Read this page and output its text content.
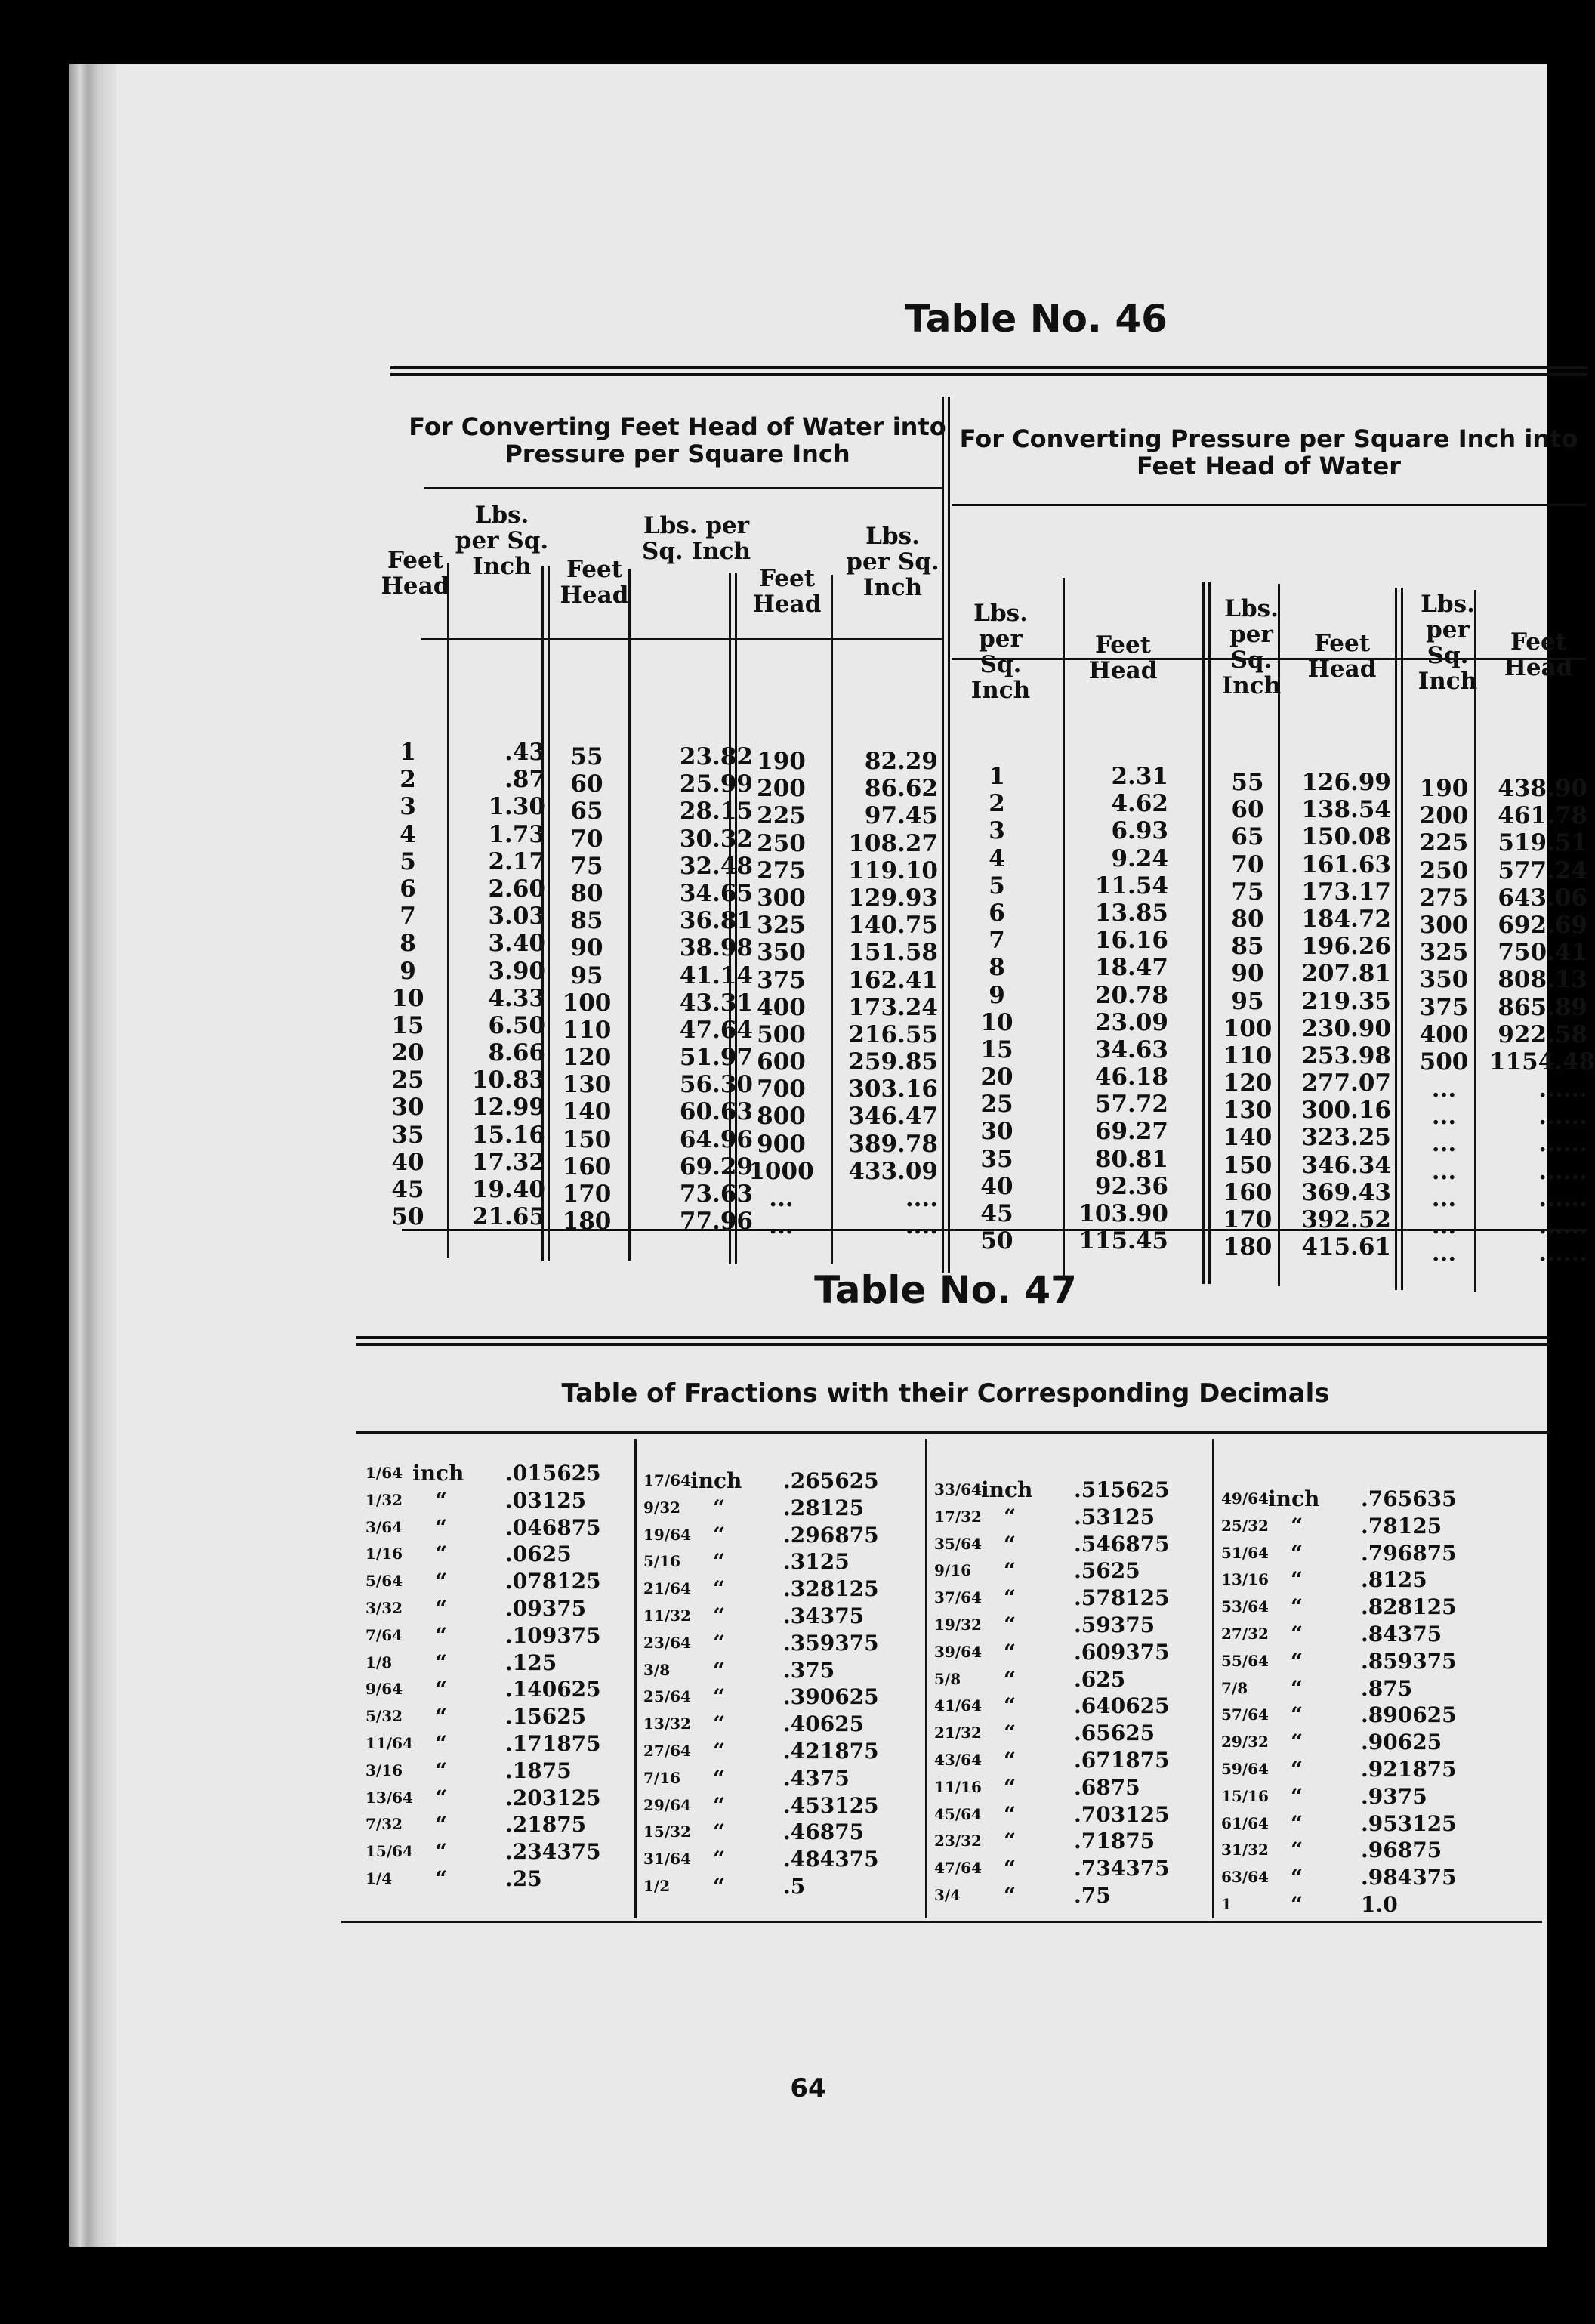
Table No. 46
For Converting Feet Head of Water into Pressure per Square Inch
For Converting Pressure per Square Inch into Feet Head of Water
Feet Head
Lbs. per Sq. Inch	Feet Head
Lbs. per Sq. Inch
Feet Head
Lbs. per Sq. Inch
Lbs. per Sq. Inch
Feet Head
Lbs. per Sq. Inch
Feet Head
Lbs. per Sq. Inch
Feet Head
1
2
3
4
5
6
7
8
9
10
15
20
25
30
35
40
45
50
.43
.87
1.30
1.73
2.17
2.60
3.03
3.40
3.90
4.33
6.50
8.66
10.83
12.99
15.16
17.32
19.40
21.65
55
60
65
70
75
80
85
90
95
100
110
120
130
140
150
160
170
180
23.82
25.99
28.15
30.32
32.48
34.65
36.81
38.98
41.14
43.31
47.64
51.97
56.30
60.63
64.96
69.29
73.63
77.96
190
200
225
250
275
300
325
350
375
400
500
600
700
800
900
1000
...
...
82.29
86.62
97.45
108.27
119.10
129.93
140.75
151.58
162.41
173.24
216.55
259.85
303.16
346.47
389.78
433.09
....
....
1
2
3
4
5
6
7
8
9
10
15
20
25
30
35
40
45
50
2.31
4.62
6.93
9.24
11.54
13.85
16.16
18.47
20.78
23.09
34.63
46.18
57.72
69.27
80.81
92.36
103.90
115.45
55
60
65
70
75
80
85
90
95
100
110
120
130
140
150
160
170
180
126.99
138.54
150.08
161.63
173.17
184.72
196.26
207.81
219.35
230.90
253.98
277.07
300.16
323.25
346.34
369.43
392.52
415.61
190
200
225
250
275
300
325
350
375
400
500
...
...
...
...
...
...
...
438.90
461.78
519.51
577.24
643.06
692.69
750.41
808.13
865.89
922.58
1154.48
......
......
......
......
......
......
......
Table No. 47
Table of Fractions with their Corresponding Decimals
1/64
1/32
3/64
1/16
5/64
3/32
7/64
1/8
9/64
5/32
11/64
3/16
13/64
7/32
15/64
1/4
inch
“
“
“
“
“
“
“
“
“
“
“
“
“
“
“
.015625
.03125
.046875
.0625
.078125
.09375
.109375
.125
.140625
.15625
.171875
.1875
.203125
.21875
.234375
.25
17/64
9/32
19/64
5/16
21/64
11/32
23/64
3/8
25/64
13/32
27/64
7/16
29/64
15/32
31/64
1/2
inch
“
“
“
“
“
“
“
“
“
“
“
“
“
“
“
.265625
.28125
.296875
.3125
.328125
.34375
.359375
.375
.390625
.40625
.421875
.4375
.453125
.46875
.484375
.5
33/64
17/32
35/64
9/16
37/64
19/32
39/64
5/8
41/64
21/32
43/64
11/16
45/64
23/32
47/64
3/4
inch
“
“
“
“
“
“
“
“
“
“
“
“
“
“
“
.515625
.53125
.546875
.5625
.578125
.59375
.609375
.625
.640625
.65625
.671875
.6875
.703125
.71875
.734375
.75
49/64
25/32
51/64
13/16
53/64
27/32
55/64
7/8
57/64
29/32
59/64
15/16
61/64
31/32
63/64
1
inch
“
“
“
“
“
“
“
“
“
“
“
“
“
“
“
.765635
.78125
.796875
.8125
.828125
.84375
.859375
.875
.890625
.90625
.921875
.9375
.953125
.96875
.984375
1.0
64
